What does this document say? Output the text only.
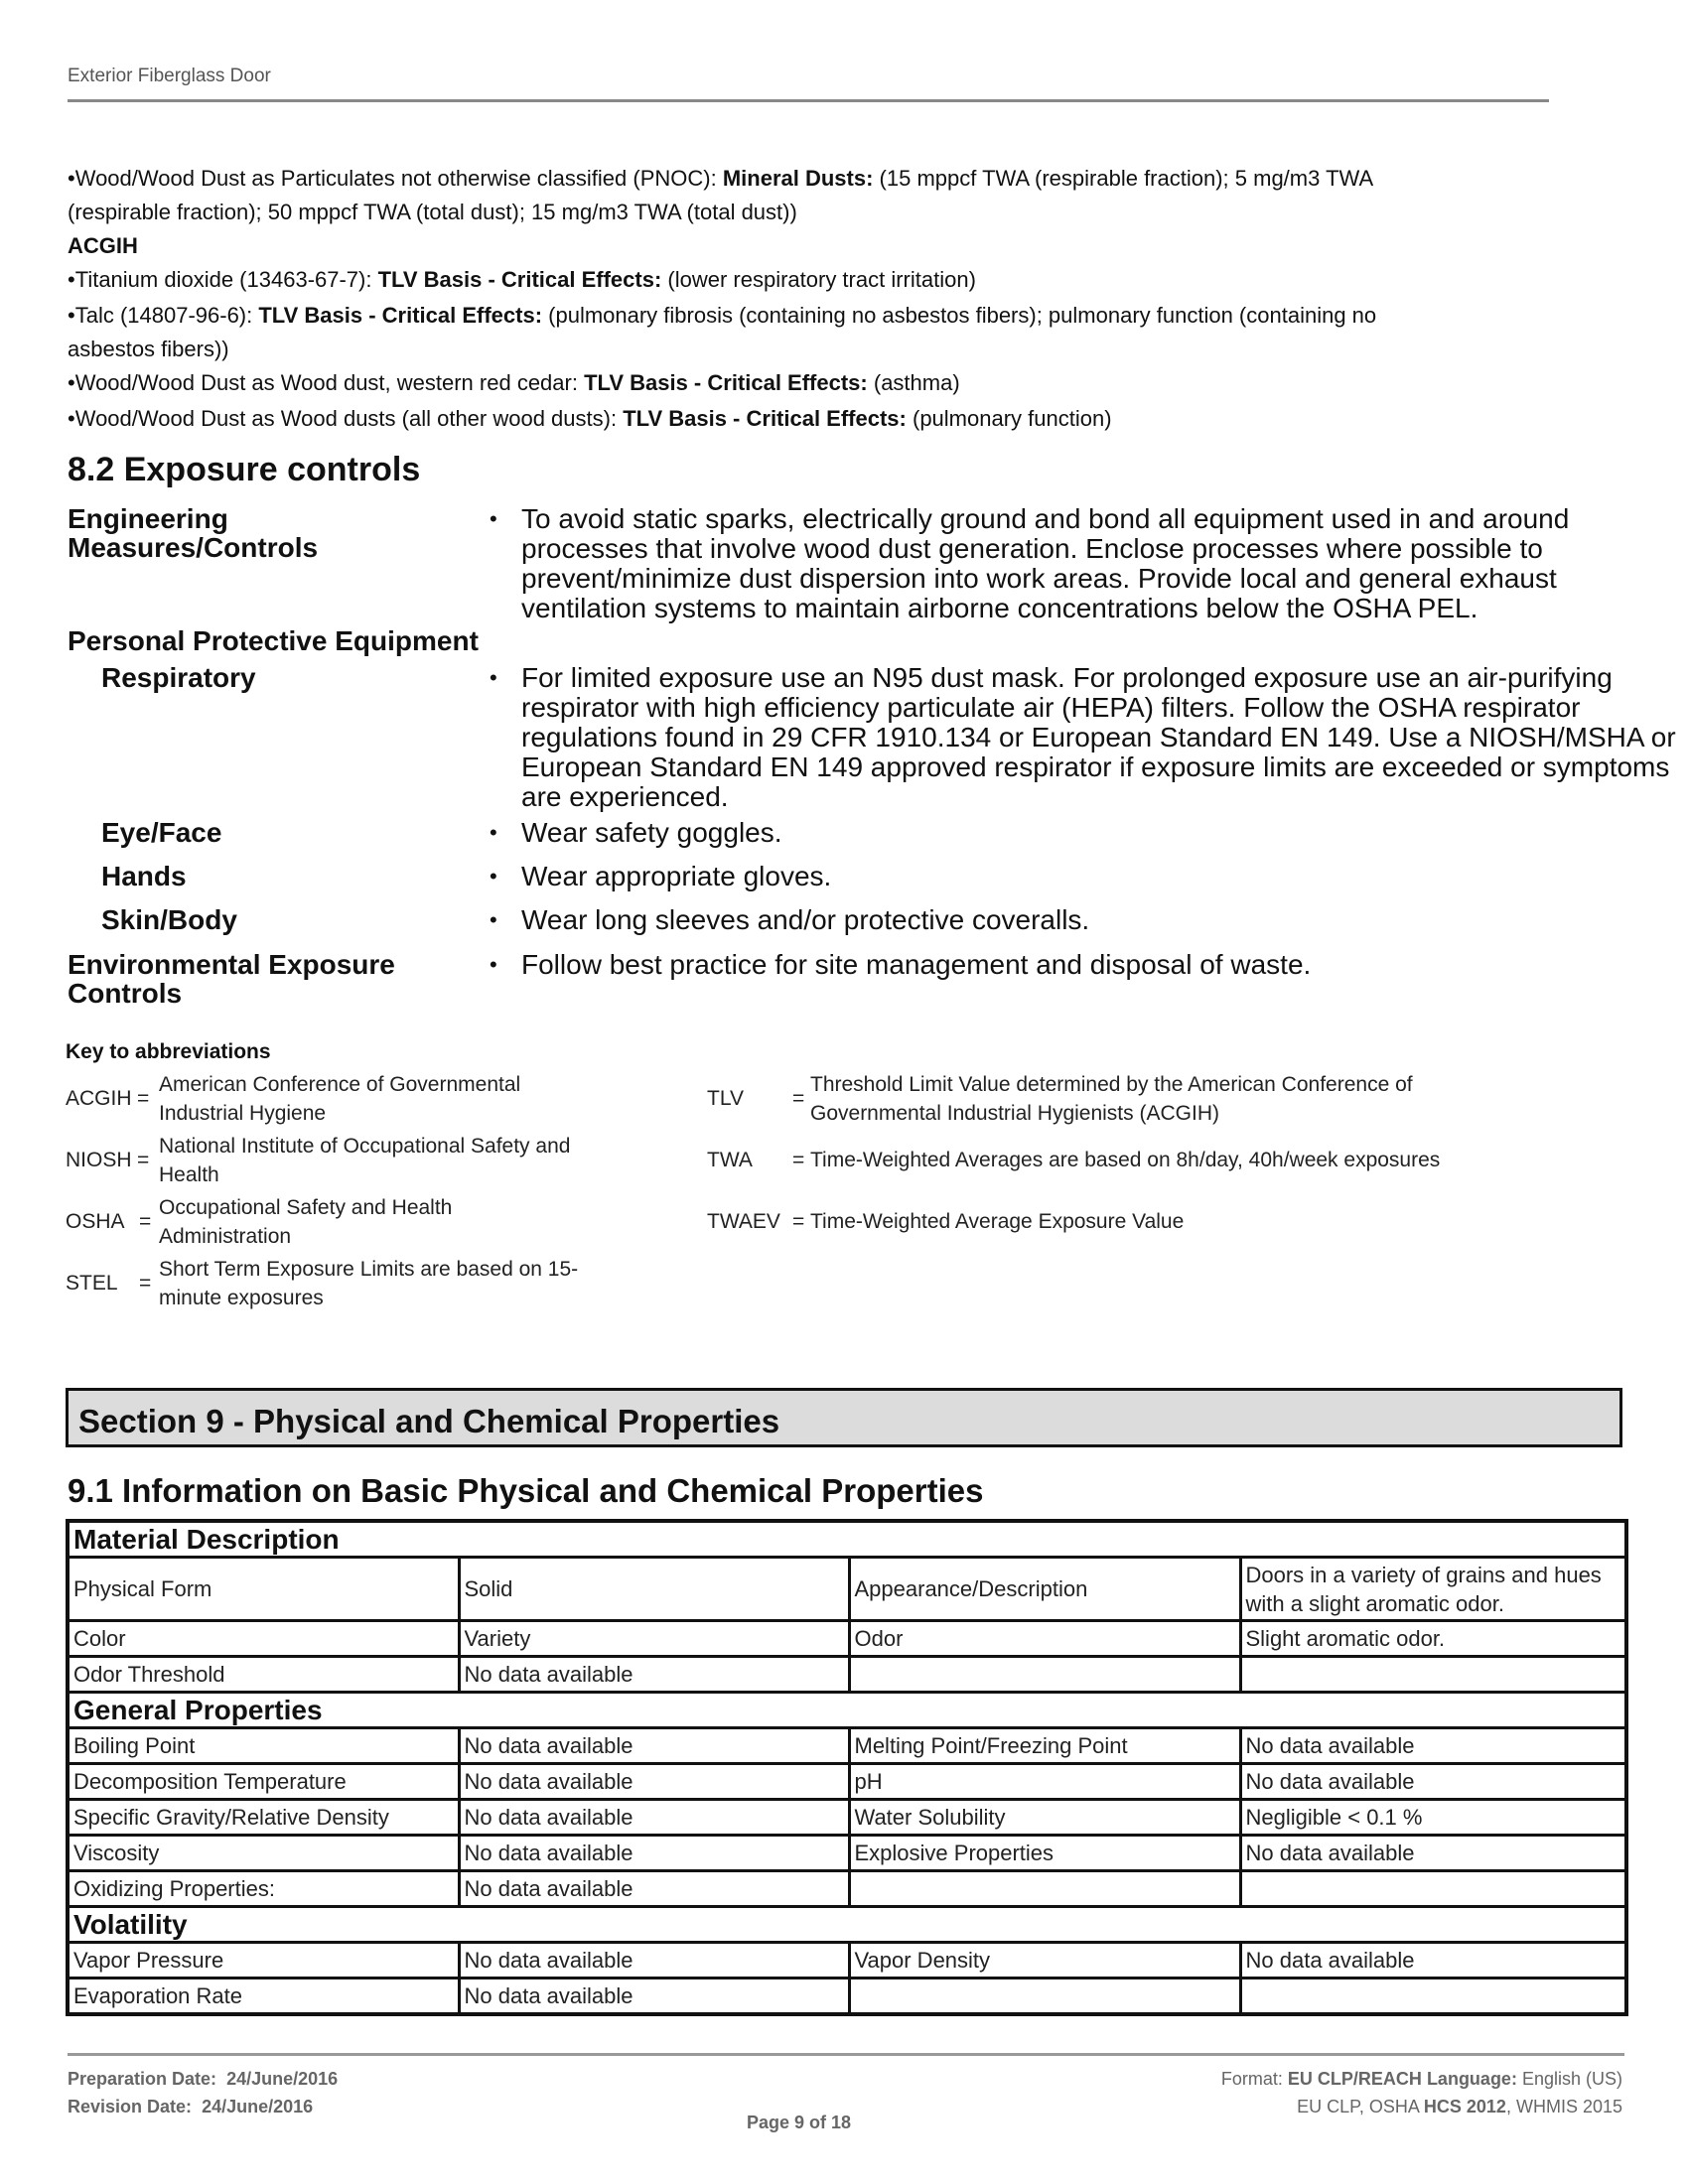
Exterior Fiberglass Door

•Wood/Wood Dust as Particulates not otherwise classified (PNOC): Mineral Dusts: (15 mppcf TWA (respirable fraction); 5 mg/m3 TWA
(respirable fraction); 50 mppcf TWA (total dust); 15 mg/m3 TWA (total dust))

ACGIH

•Titanium dioxide (13463-67-7): TLV Basis - Critical Effects: (lower respiratory tract irritation)

•Talc (14807-96-6): TLV Basis - Critical Effects: (pulmonary fibrosis (containing no asbestos fibers); pulmonary function (containing no
asbestos fibers))

•Wood/Wood Dust as Wood dust, western red cedar: TLV Basis - Critical Effects: (asthma)

•Wood/Wood Dust as Wood dusts (all other wood dusts): TLV Basis - Critical Effects: (pulmonary function)

8.2 Exposure controls
Engineering
Measures/Controls
• To avoid static sparks, electrically ground and bond all equipment used in and around processes that involve wood dust generation. Enclose processes where possible to prevent/minimize dust dispersion into work areas. Provide local and general exhaust ventilation systems to maintain airborne concentrations below the OSHA PEL.
Personal Protective Equipment
Respiratory	• For limited exposure use an N95 dust mask. For prolonged exposure use an air-purifying respirator with high efficiency particulate air (HEPA) filters. Follow the OSHA respirator regulations found in 29 CFR 1910.134 or European Standard EN 149. Use a NIOSH/MSHA or European Standard EN 149 approved respirator if exposure limits are exceeded or symptoms are experienced.
Eye/Face	• Wear safety goggles.
Hands	• Wear appropriate gloves.
Skin/Body	• Wear long sleeves and/or protective coveralls.
Environmental Exposure
Controls
• Follow best practice for site management and disposal of waste.
Key to abbreviations
ACGIH =
American Conference of Governmental
Industrial Hygiene
NIOSH =
National Institute of Occupational Safety and
Health
OSHA =
Occupational Safety and Health
Administration
STEL =
Short Term Exposure Limits are based on 15-
minute exposures
TLV =
Threshold Limit Value determined by the American Conference of
Governmental Industrial Hygienists (ACGIH)
TWA = Time-Weighted Averages are based on 8h/day, 40h/week exposures
TWAEV = Time-Weighted Average Exposure Value
Section 9 - Physical and Chemical Properties
9.1 Information on Basic Physical and Chemical Properties
Material Description			
Physical Form	Solid	Appearance/Description	Doors in a variety of grains and hues with a slight aromatic odor.
Color	Variety	Odor	Slight aromatic odor.
Odor Threshold	No data available		
General Properties			
Boiling Point	No data available	Melting Point/Freezing Point	No data available
Decomposition Temperature	No data available	pH	No data available
Specific Gravity/Relative Density	No data available	Water Solubility	Negligible < 0.1 %
Viscosity	No data available	Explosive Properties	No data available
Oxidizing Properties:	No data available		
Volatility			
Vapor Pressure	No data available	Vapor Density	No data available
Evaporation Rate	No data available		
Preparation Date: 24/June/2016
Revision Date: 24/June/2016
Page 9 of 18
Format: EU CLP/REACH Language: English (US)
EU CLP, OSHA HCS 2012, WHMIS 2015
